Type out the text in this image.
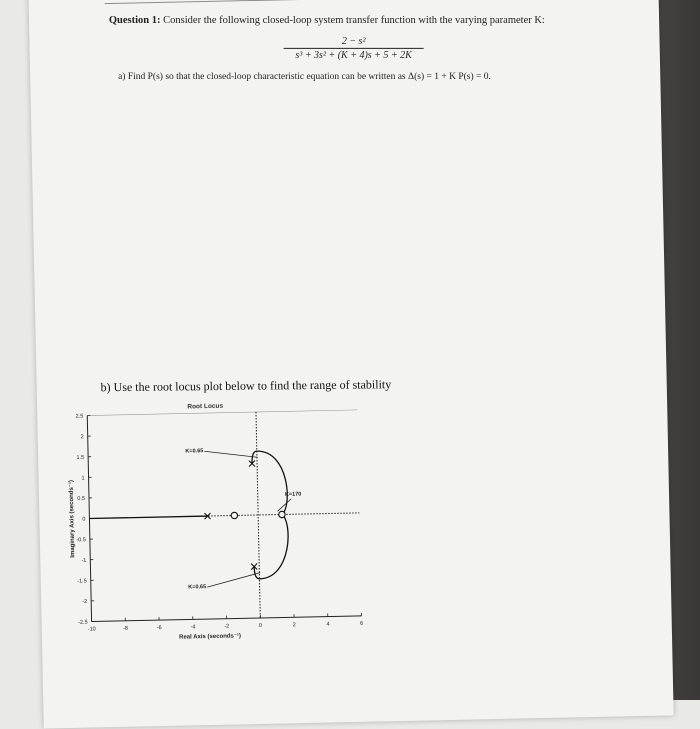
Question 1: Consider the following closed-loop system transfer function with the varying parameter K:
2 − s²
s³ + 3s² + (K + 4)s + 5 + 2K
a) Find P(s) so that the closed-loop characteristic equation can be written as Δ(s) = 1 + K P(s) = 0.
b) Use the root locus plot below to find the range of stability
Root Locus
2.5
2
1.5
1
0.5
0
-0.5
-1
-1.5
-2
-2.5
-10	-8	-6	-4	-2	0	2	4	6
Real Axis (seconds⁻¹)
Imaginary Axis (seconds⁻¹)
K=0.65
K=170
K=0.65
